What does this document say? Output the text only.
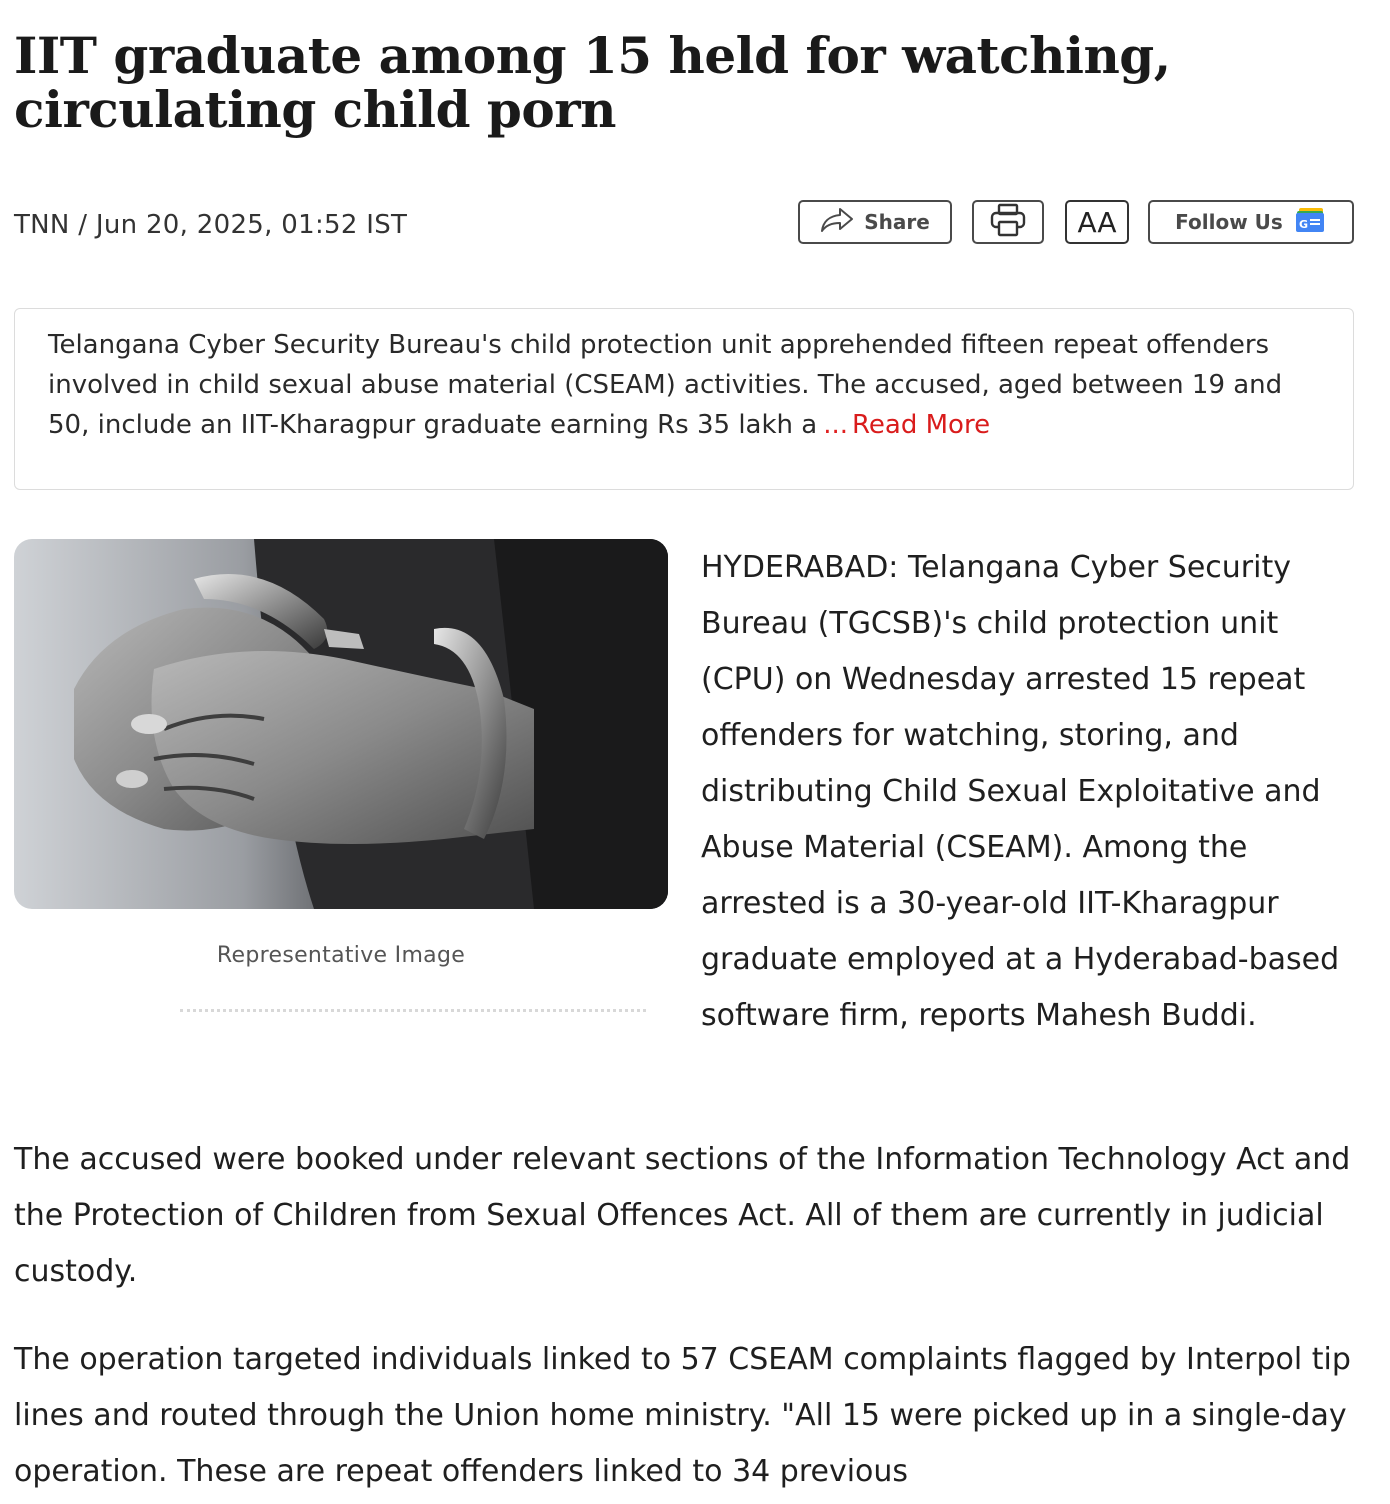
IIT graduate among 15 held for watching, circulating child porn
TNN / Jun 20, 2025, 01:52 IST	Share	AA	Follow Us G
Telangana Cyber Security Bureau's child protection unit apprehended fifteen repeat offenders involved in child sexual abuse material (CSEAM) activities. The accused, aged between 19 and 50, include an IIT-Kharagpur graduate earning Rs 35 lakh a ... Read More
Representative Image
HYDERABAD: Telangana Cyber Security Bureau (TGCSB)'s child protection unit (CPU) on Wednesday arrested 15 repeat offenders for watching, storing, and distributing Child Sexual Exploitative and Abuse Material (CSEAM). Among the arrested is a 30-year-old IIT-Kharagpur graduate employed at a Hyderabad-based software firm, reports Mahesh Buddi.

The accused were booked under relevant sections of the Information Technology Act and the Protection of Children from Sexual Offences Act. All of them are currently in judicial custody.

The operation targeted individuals linked to 57 CSEAM complaints flagged by Interpol tip lines and routed through the Union home ministry. "All 15 were picked up in a single-day operation. These are repeat offenders linked to 34 previous
